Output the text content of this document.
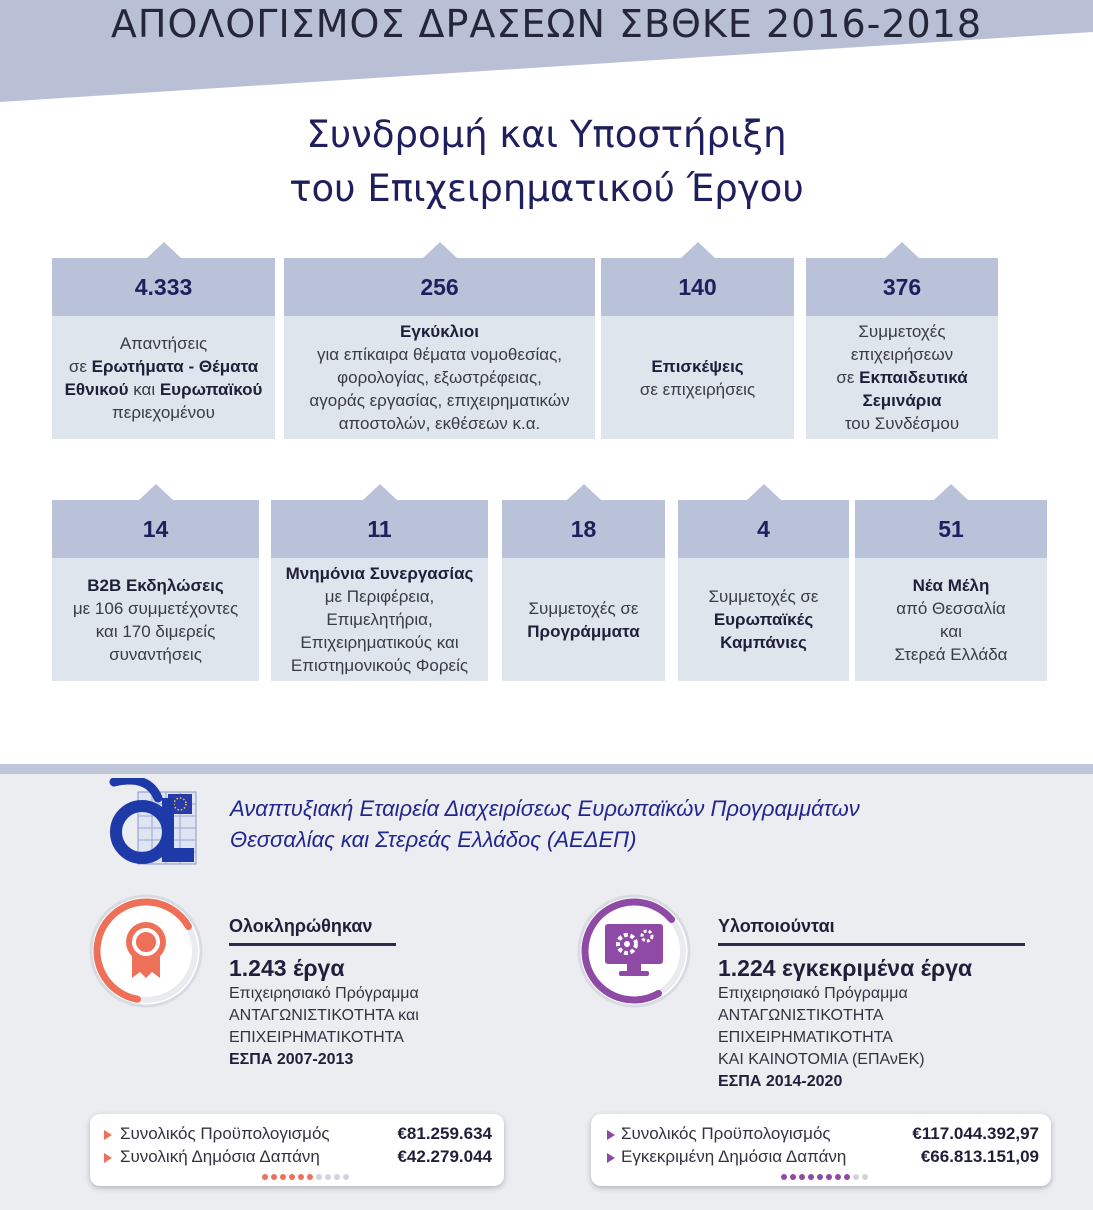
ΑΠΟΛΟΓΙΣΜΟΣ ΔΡΑΣΕΩΝ ΣΒΘΚΕ 2016-2018
Συνδρομή και Υποστήριξη
του Επιχειρηματικού Έργου
4.333
Απαντήσεις
σε Ερωτήματα - Θέματα
Εθνικού και Ευρωπαϊκού
περιεχομένου
256
Εγκύκλιοι
για επίκαιρα θέματα νομοθεσίας,
φορολογίας, εξωστρέφειας,
αγοράς εργασίας, επιχειρηματικών
αποστολών, εκθέσεων κ.α.
140
Επισκέψεις
σε επιχειρήσεις
376
Συμμετοχές
επιχειρήσεων
σε Εκπαιδευτικά
Σεμινάρια
του Συνδέσμου
14
B2B Εκδηλώσεις
με 106 συμμετέχοντες
και 170 διμερείς
συναντήσεις
11
Μνημόνια Συνεργασίας
με Περιφέρεια,
Επιμελητήρια,
Επιχειρηματικούς και
Επιστημονικούς Φορείς
18
Συμμετοχές σε
Προγράμματα
4
Συμμετοχές σε
Ευρωπαϊκές
Καμπάνιες
51
Νέα Μέλη
από Θεσσαλία
και
Στερεά Ελλάδα
Αναπτυξιακή Εταιρεία Διαχειρίσεως Ευρωπαϊκών Προγραμμάτων
Θεσσαλίας και Στερεάς Ελλάδος (ΑΕΔΕΠ)
Ολοκληρώθηκαν
1.243 έργα
Επιχειρησιακό Πρόγραμμα
ΑΝΤΑΓΩΝΙΣΤΙΚΟΤΗΤΑ και
ΕΠΙΧΕΙΡΗΜΑΤΙΚΟΤΗΤΑ
ΕΣΠΑ 2007-2013
Συνολικός Προϋπολογισμός	€81.259.634
Συνολική Δημόσια Δαπάνη	€42.279.044
Υλοποιούνται
1.224 εγκεκριμένα έργα
Επιχειρησιακό Πρόγραμμα
ΑΝΤΑΓΩΝΙΣΤΙΚΟΤΗΤΑ
ΕΠΙΧΕΙΡΗΜΑΤΙΚΟΤΗΤΑ
ΚΑΙ ΚΑΙΝΟΤΟΜΙΑ (ΕΠΑνΕΚ)
ΕΣΠΑ 2014-2020
Συνολικός Προϋπολογισμός	€117.044.392,97
Εγκεκριμένη Δημόσια Δαπάνη	€66.813.151,09
